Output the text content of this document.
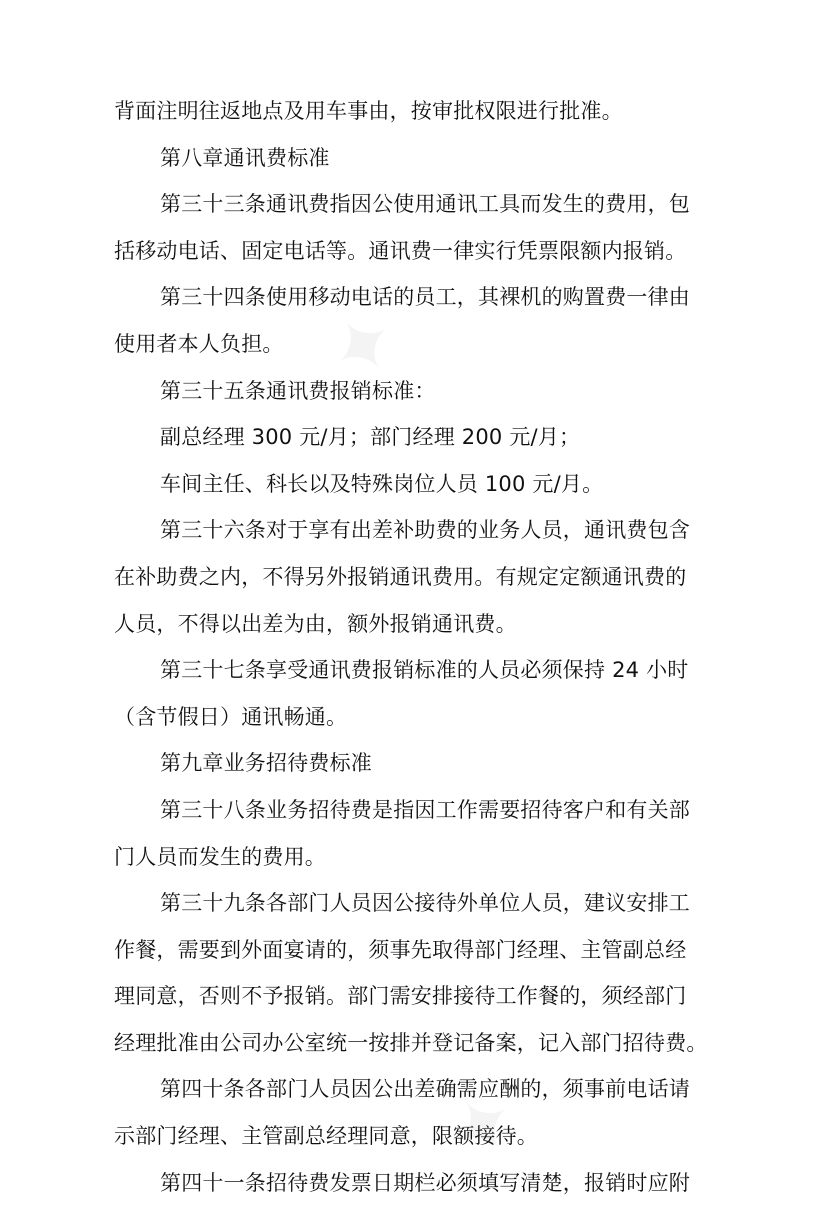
背面注明往返地点及用车事由，按审批权限进行批准。
第八章通讯费标准
第三十三条通讯费指因公使用通讯工具而发生的费用，包
括移动电话、固定电话等。通讯费一律实行凭票限额内报销。
第三十四条使用移动电话的员工，其裸机的购置费一律由
使用者本人负担。
第三十五条通讯费报销标准：
副总经理 300 元/月；部门经理 200 元/月；
车间主任、科长以及特殊岗位人员 100 元/月。
第三十六条对于享有出差补助费的业务人员，通讯费包含
在补助费之内，不得另外报销通讯费用。有规定定额通讯费的
人员，不得以出差为由，额外报销通讯费。
第三十七条享受通讯费报销标准的人员必须保持 24 小时
（含节假日）通讯畅通。
第九章业务招待费标准
第三十八条业务招待费是指因工作需要招待客户和有关部
门人员而发生的费用。
第三十九条各部门人员因公接待外单位人员，建议安排工
作餐，需要到外面宴请的，须事先取得部门经理、主管副总经
理同意，否则不予报销。部门需安排接待工作餐的，须经部门
经理批准由公司办公室统一按排并登记备案，记入部门招待费。
第四十条各部门人员因公出差确需应酬的，须事前电话请
示部门经理、主管副总经理同意，限额接待。
第四十一条招待费发票日期栏必须填写清楚，报销时应附
